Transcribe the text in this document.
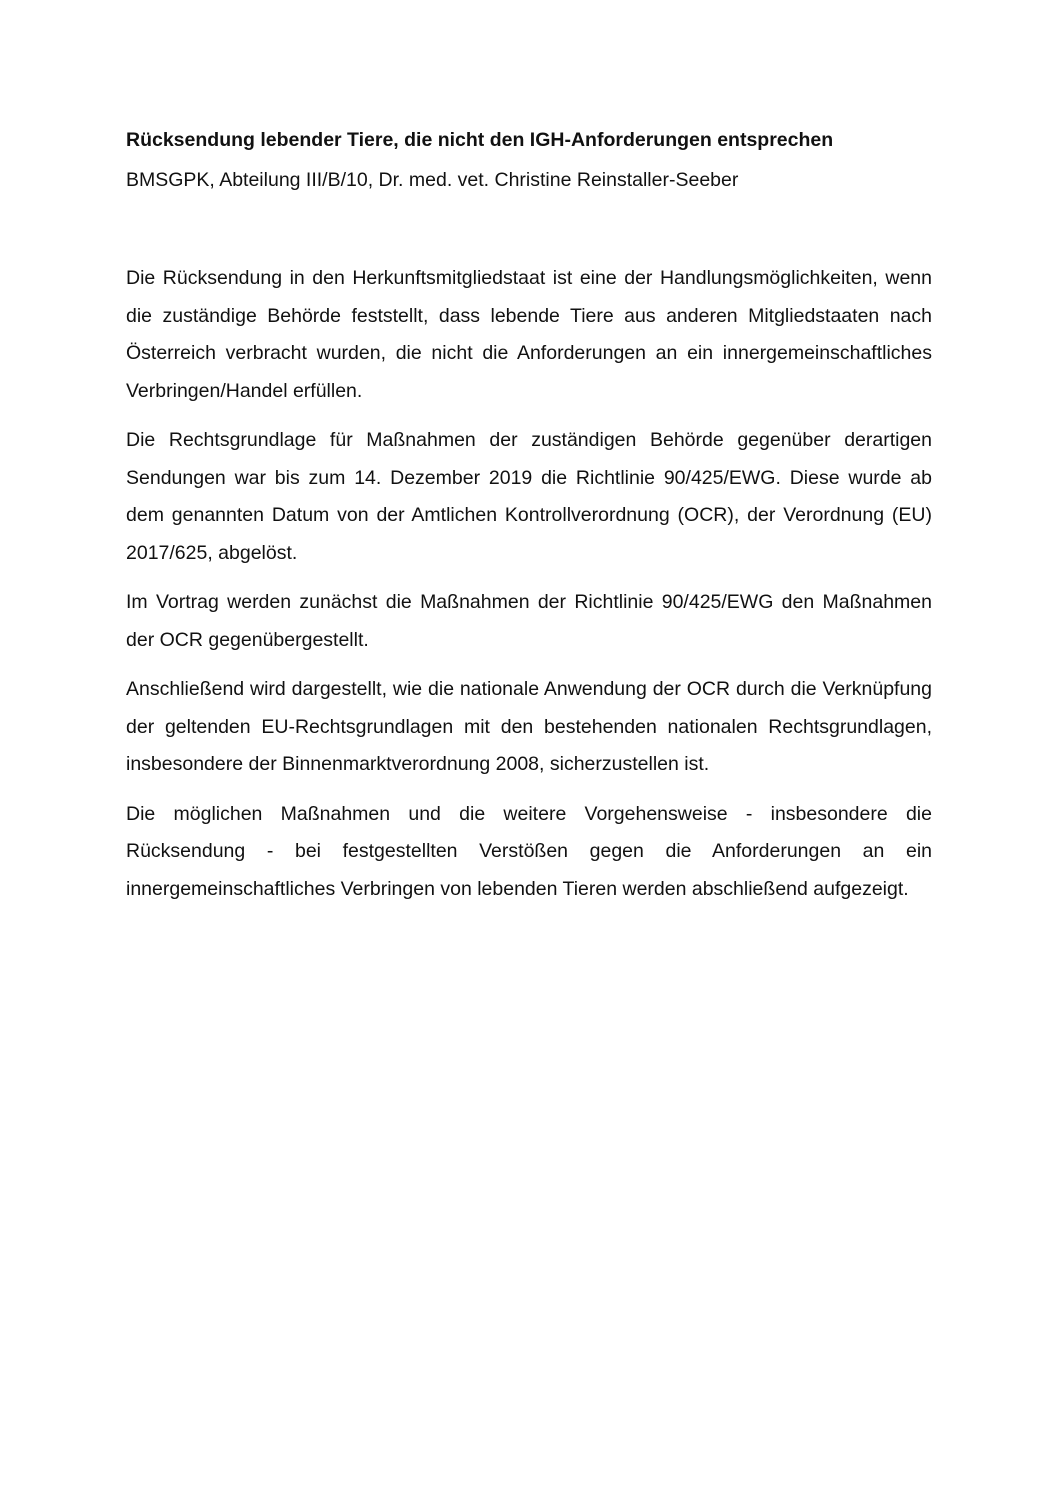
Rücksendung lebender Tiere, die nicht den IGH-Anforderungen entsprechen

BMSGPK, Abteilung III/B/10, Dr. med. vet. Christine Reinstaller-Seeber

Die Rücksendung in den Herkunftsmitgliedstaat ist eine der Handlungsmöglichkeiten, wenn die zuständige Behörde feststellt, dass lebende Tiere aus anderen Mitgliedstaaten nach Österreich verbracht wurden, die nicht die Anforderungen an ein innergemeinschaftliches Verbringen/Handel erfüllen.

Die Rechtsgrundlage für Maßnahmen der zuständigen Behörde gegenüber derartigen Sendungen war bis zum 14. Dezember 2019 die Richtlinie 90/425/EWG. Diese wurde ab dem genannten Datum von der Amtlichen Kontrollverordnung (OCR), der Verordnung (EU) 2017/625, abgelöst.

Im Vortrag werden zunächst die Maßnahmen der Richtlinie 90/425/EWG den Maßnahmen der OCR gegenübergestellt.

Anschließend wird dargestellt, wie die nationale Anwendung der OCR durch die Verknüpfung der geltenden EU-Rechtsgrundlagen mit den bestehenden nationalen Rechtsgrundlagen, insbesondere der Binnenmarktverordnung 2008, sicherzustellen ist.

Die möglichen Maßnahmen und die weitere Vorgehensweise - insbesondere die Rücksendung - bei festgestellten Verstößen gegen die Anforderungen an ein innergemeinschaftliches Verbringen von lebenden Tieren werden abschließend aufgezeigt.
